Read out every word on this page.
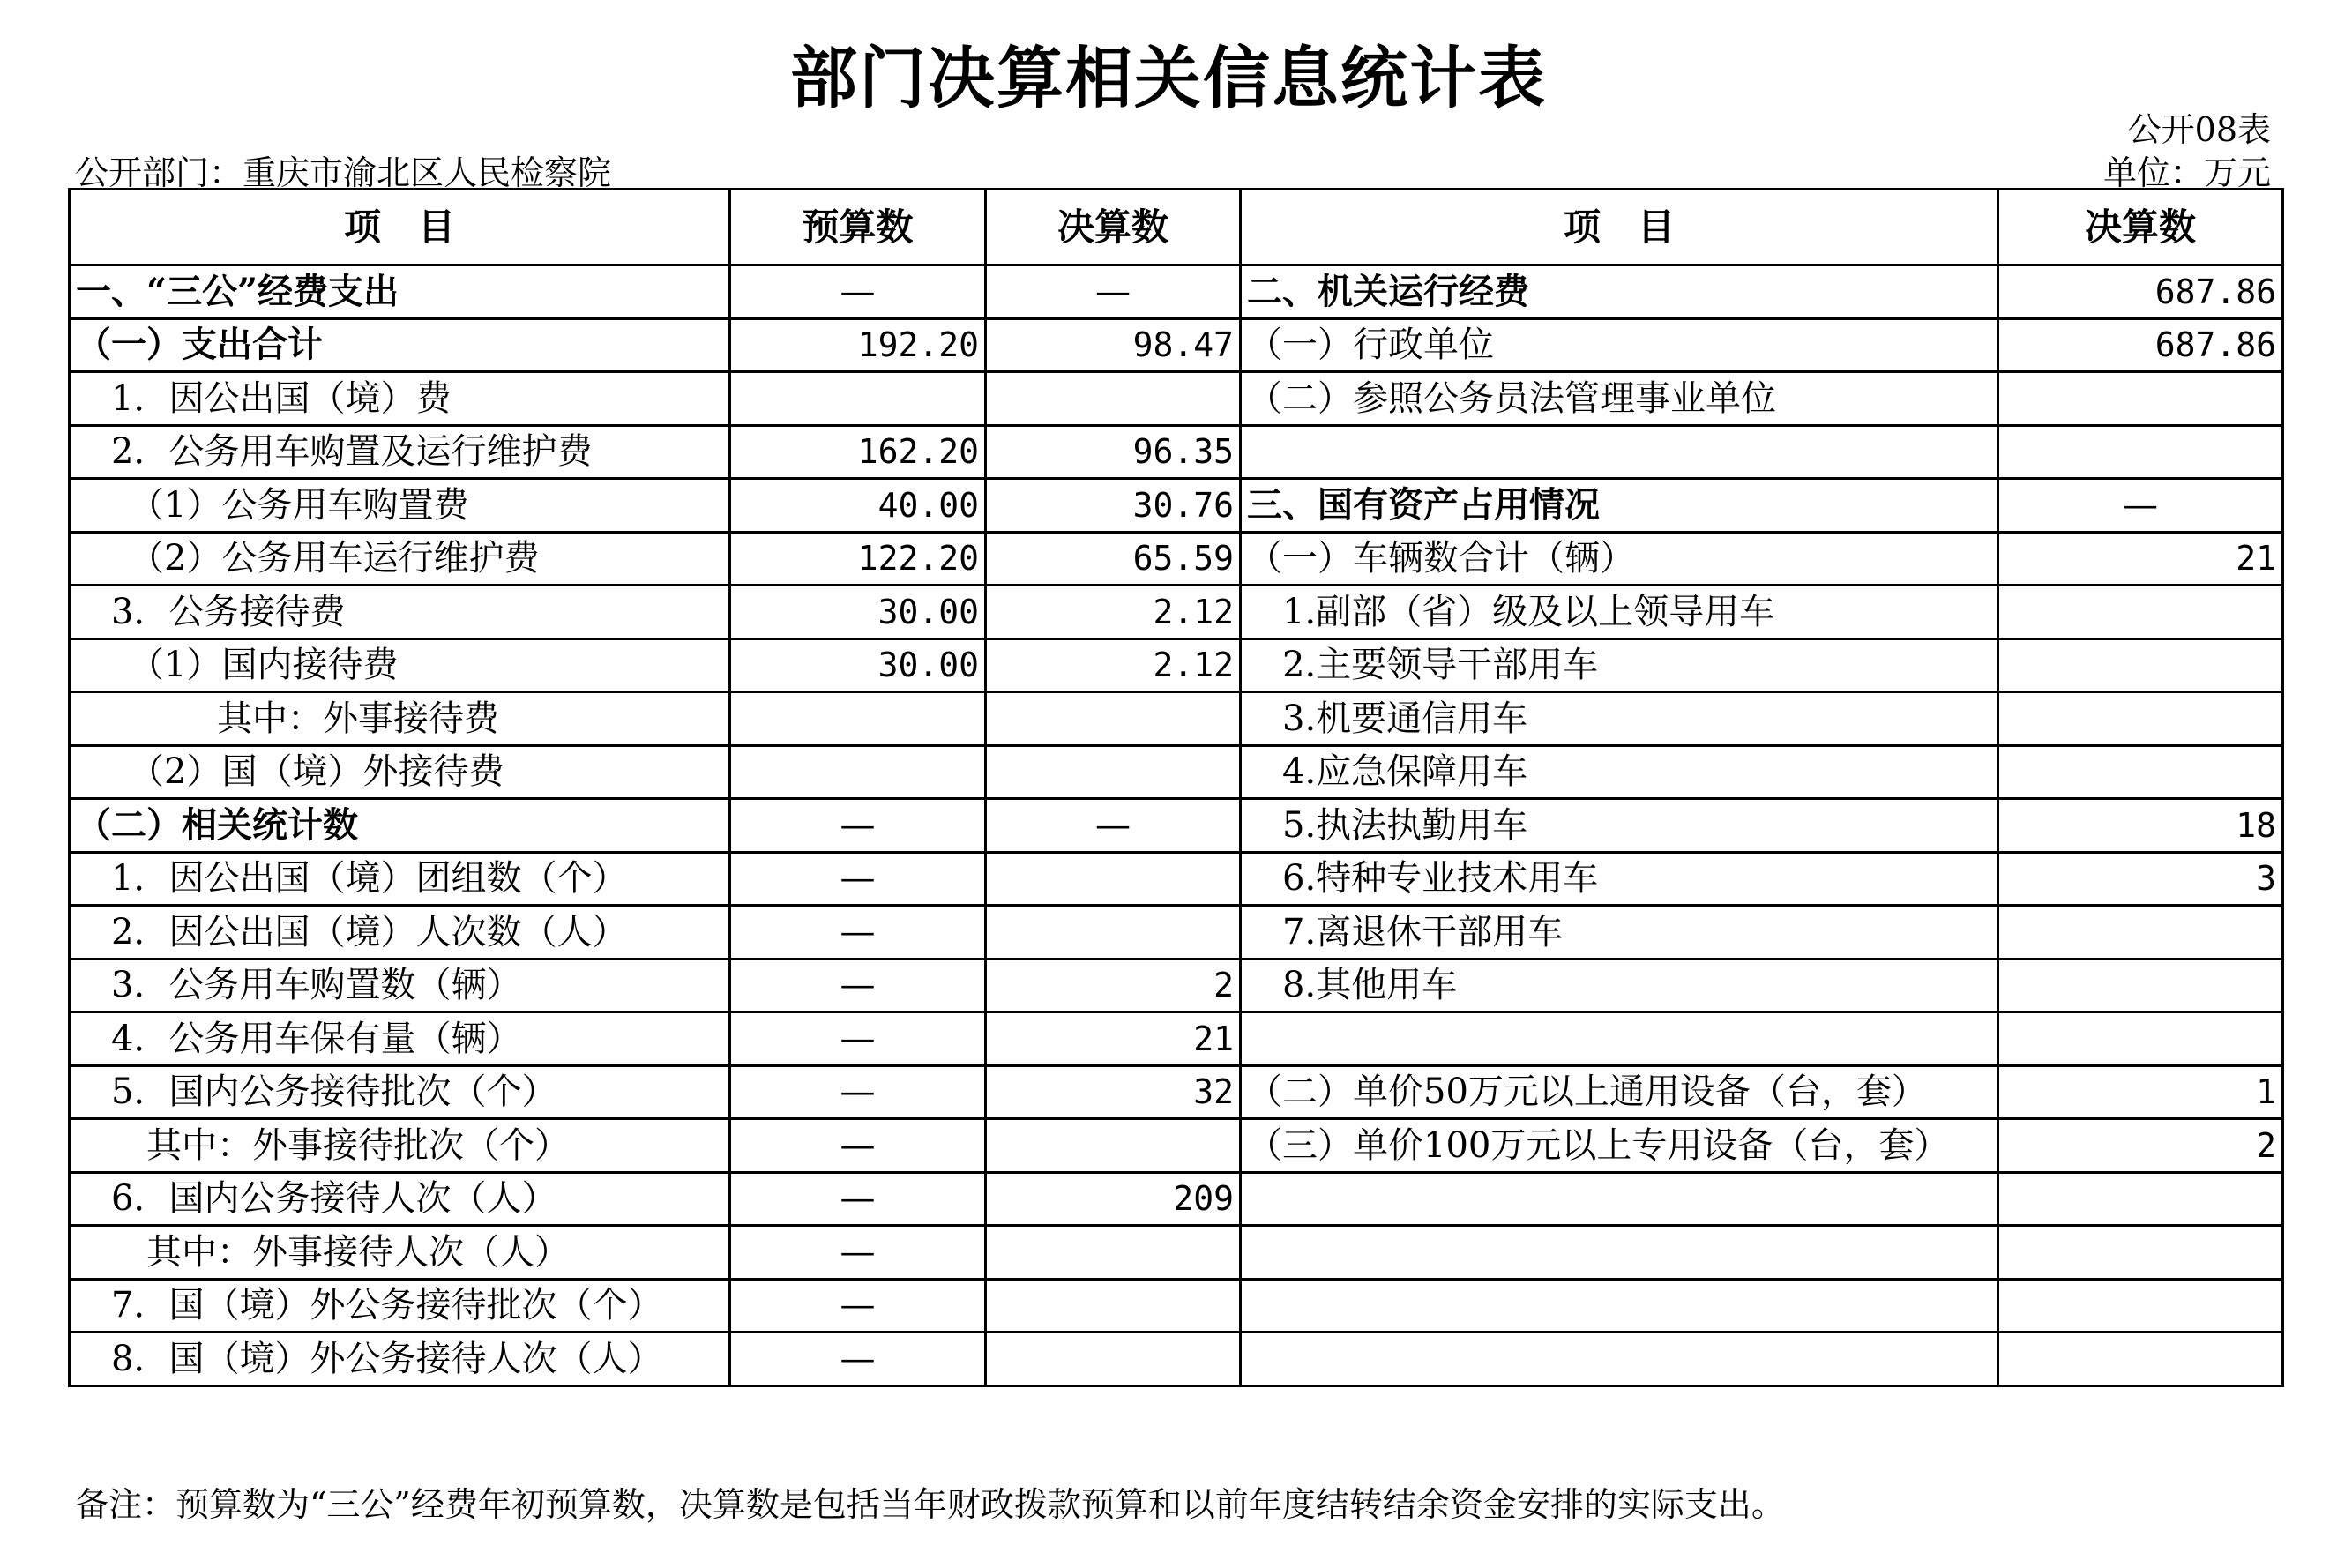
部门决算相关信息统计表
公开08表
公开部门：重庆市渝北区人民检察院	单位：万元
项　目	预算数	决算数	项　目	决算数
一、“三公”经费支出	—	—	二、机关运行经费	687.86
（一）支出合计	192.20	98.47	（一）行政单位	687.86
　1．因公出国（境）费			（二）参照公务员法管理事业单位	
　2．公务用车购置及运行维护费	162.20	96.35		
　　（1）公务用车购置费	40.00	30.76	三、国有资产占用情况	—
　　（2）公务用车运行维护费	122.20	65.59	（一）车辆数合计（辆）	21
　3．公务接待费	30.00	2.12	　1.副部（省）级及以上领导用车	
　　（1）国内接待费	30.00	2.12	　2.主要领导干部用车	
　　　　其中：外事接待费			　3.机要通信用车	
　　（2）国（境）外接待费			　4.应急保障用车	
（二）相关统计数	—	—	　5.执法执勤用车	18
　1．因公出国（境）团组数（个）	—		　6.特种专业技术用车	3
　2．因公出国（境）人次数（人）	—		　7.离退休干部用车	
　3．公务用车购置数（辆）	—	2	　8.其他用车	
　4．公务用车保有量（辆）	—	21		
　5．国内公务接待批次（个）	—	32	（二）单价50万元以上通用设备（台，套）	1
　　其中：外事接待批次（个）	—		（三）单价100万元以上专用设备（台，套）	2
　6．国内公务接待人次（人）	—	209		
　　其中：外事接待人次（人）	—			
　7．国（境）外公务接待批次（个）	—			
　8．国（境）外公务接待人次（人）	—			
备注：预算数为“三公”经费年初预算数，决算数是包括当年财政拨款预算和以前年度结转结余资金安排的实际支出。
